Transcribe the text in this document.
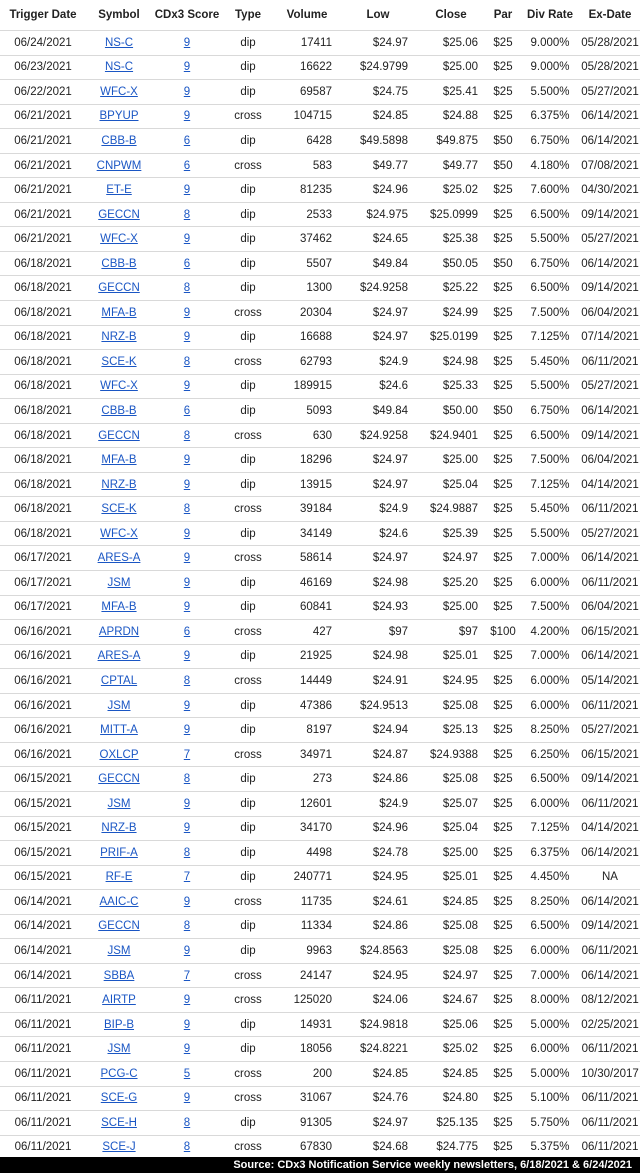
Trigger Date	Symbol	CDx3 Score	Type	Volume	Low	Close	Par	Div Rate	Ex-Date
06/24/2021	NS-C	9	dip	17411	$24.97	$25.06	$25	9.000%	05/28/2021
06/23/2021	NS-C	9	dip	16622	$24.9799	$25.00	$25	9.000%	05/28/2021
06/22/2021	WFC-X	9	dip	69587	$24.75	$25.41	$25	5.500%	05/27/2021
06/21/2021	BPYUP	9	cross	104715	$24.85	$24.88	$25	6.375%	06/14/2021
06/21/2021	CBB-B	6	dip	6428	$49.5898	$49.875	$50	6.750%	06/14/2021
06/21/2021	CNPWM	6	cross	583	$49.77	$49.77	$50	4.180%	07/08/2021
06/21/2021	ET-E	9	dip	81235	$24.96	$25.02	$25	7.600%	04/30/2021
06/21/2021	GECCN	8	dip	2533	$24.975	$25.0999	$25	6.500%	09/14/2021
06/21/2021	WFC-X	9	dip	37462	$24.65	$25.38	$25	5.500%	05/27/2021
06/18/2021	CBB-B	6	dip	5507	$49.84	$50.05	$50	6.750%	06/14/2021
06/18/2021	GECCN	8	dip	1300	$24.9258	$25.22	$25	6.500%	09/14/2021
06/18/2021	MFA-B	9	cross	20304	$24.97	$24.99	$25	7.500%	06/04/2021
06/18/2021	NRZ-B	9	dip	16688	$24.97	$25.0199	$25	7.125%	07/14/2021
06/18/2021	SCE-K	8	cross	62793	$24.9	$24.98	$25	5.450%	06/11/2021
06/18/2021	WFC-X	9	dip	189915	$24.6	$25.33	$25	5.500%	05/27/2021
06/18/2021	CBB-B	6	dip	5093	$49.84	$50.00	$50	6.750%	06/14/2021
06/18/2021	GECCN	8	cross	630	$24.9258	$24.9401	$25	6.500%	09/14/2021
06/18/2021	MFA-B	9	dip	18296	$24.97	$25.00	$25	7.500%	06/04/2021
06/18/2021	NRZ-B	9	dip	13915	$24.97	$25.04	$25	7.125%	04/14/2021
06/18/2021	SCE-K	8	cross	39184	$24.9	$24.9887	$25	5.450%	06/11/2021
06/18/2021	WFC-X	9	dip	34149	$24.6	$25.39	$25	5.500%	05/27/2021
06/17/2021	ARES-A	9	cross	58614	$24.97	$24.97	$25	7.000%	06/14/2021
06/17/2021	JSM	9	dip	46169	$24.98	$25.20	$25	6.000%	06/11/2021
06/17/2021	MFA-B	9	dip	60841	$24.93	$25.00	$25	7.500%	06/04/2021
06/16/2021	APRDN	6	cross	427	$97	$97	$100	4.200%	06/15/2021
06/16/2021	ARES-A	9	dip	21925	$24.98	$25.01	$25	7.000%	06/14/2021
06/16/2021	CPTAL	8	cross	14449	$24.91	$24.95	$25	6.000%	05/14/2021
06/16/2021	JSM	9	dip	47386	$24.9513	$25.08	$25	6.000%	06/11/2021
06/16/2021	MITT-A	9	dip	8197	$24.94	$25.13	$25	8.250%	05/27/2021
06/16/2021	OXLCP	7	cross	34971	$24.87	$24.9388	$25	6.250%	06/15/2021
06/15/2021	GECCN	8	dip	273	$24.86	$25.08	$25	6.500%	09/14/2021
06/15/2021	JSM	9	dip	12601	$24.9	$25.07	$25	6.000%	06/11/2021
06/15/2021	NRZ-B	9	dip	34170	$24.96	$25.04	$25	7.125%	04/14/2021
06/15/2021	PRIF-A	8	dip	4498	$24.78	$25.00	$25	6.375%	06/14/2021
06/15/2021	RF-E	7	dip	240771	$24.95	$25.01	$25	4.450%	NA
06/14/2021	AAIC-C	9	cross	11735	$24.61	$24.85	$25	8.250%	06/14/2021
06/14/2021	GECCN	8	dip	11334	$24.86	$25.08	$25	6.500%	09/14/2021
06/14/2021	JSM	9	dip	9963	$24.8563	$25.08	$25	6.000%	06/11/2021
06/14/2021	SBBA	7	cross	24147	$24.95	$24.97	$25	7.000%	06/14/2021
06/11/2021	AIRTP	9	cross	125020	$24.06	$24.67	$25	8.000%	08/12/2021
06/11/2021	BIP-B	9	dip	14931	$24.9818	$25.06	$25	5.000%	02/25/2021
06/11/2021	JSM	9	dip	18056	$24.8221	$25.02	$25	6.000%	06/11/2021
06/11/2021	PCG-C	5	cross	200	$24.85	$24.85	$25	5.000%	10/30/2017
06/11/2021	SCE-G	9	cross	31067	$24.76	$24.80	$25	5.100%	06/11/2021
06/11/2021	SCE-H	8	dip	91305	$24.97	$25.135	$25	5.750%	06/11/2021
06/11/2021	SCE-J	8	cross	67830	$24.68	$24.775	$25	5.375%	06/11/2021
Source: CDx3 Notification Service weekly newsletters, 6/18/2021 & 6/24/2021
